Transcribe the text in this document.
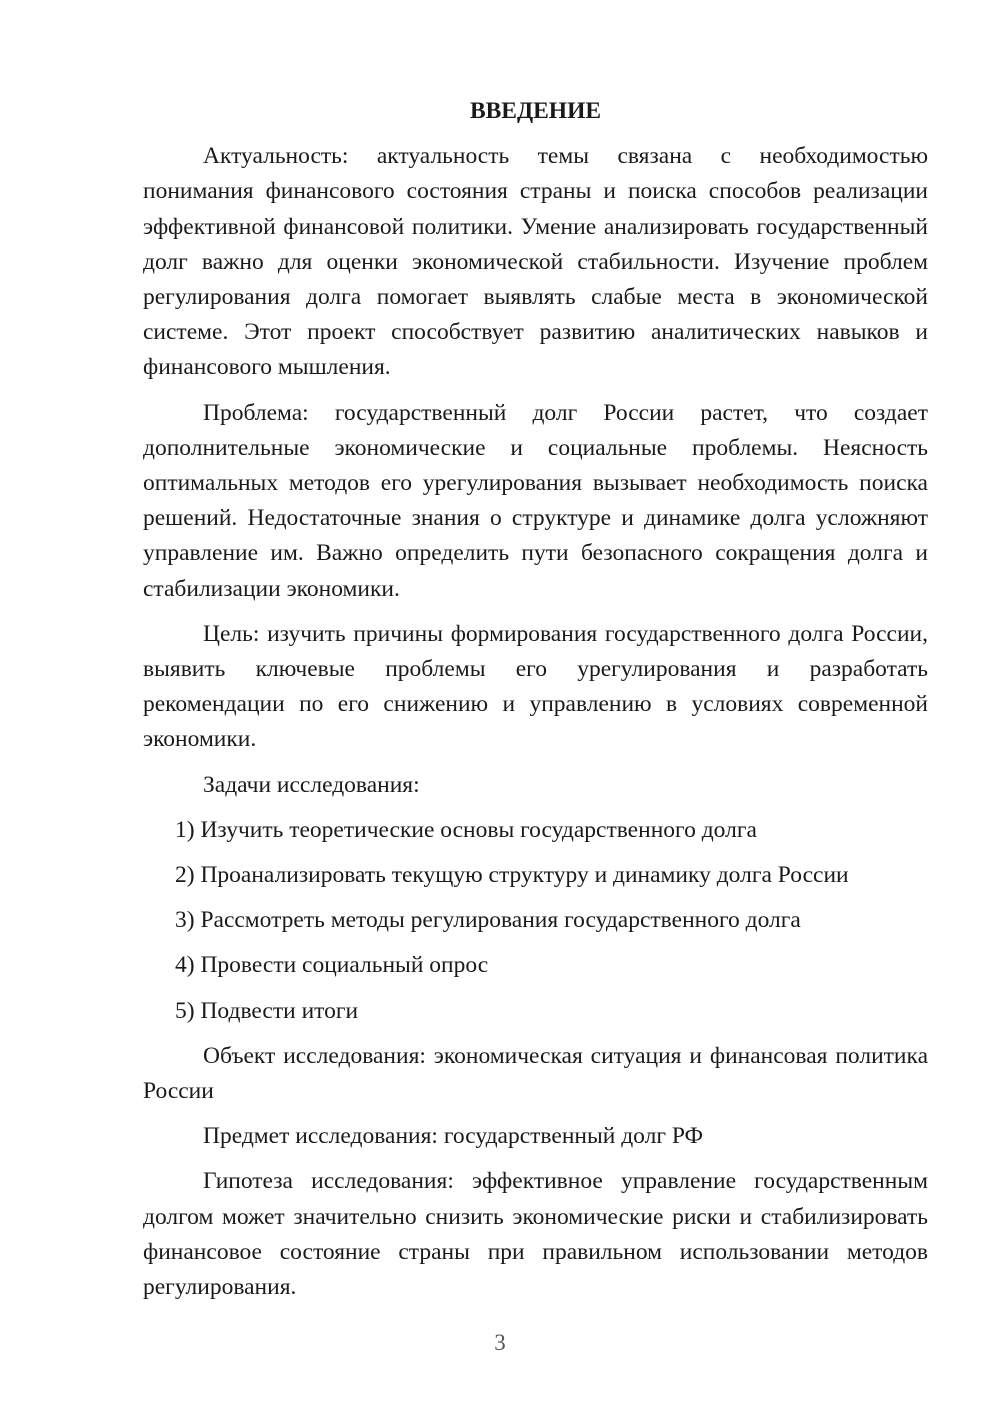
ВВЕДЕНИЕ

Актуальность: актуальность темы связана с необходимостью понимания финансового состояния страны и поиска способов реализации эффективной финансовой политики. Умение анализировать государственный долг важно для оценки экономической стабильности. Изучение проблем регулирования долга помогает выявлять слабые места в экономической системе. Этот проект способствует развитию аналитических навыков и финансового мышления.

Проблема: государственный долг России растет, что создает дополнительные экономические и социальные проблемы. Неясность оптимальных методов его урегулирования вызывает необходимость поиска решений. Недостаточные знания о структуре и динамике долга усложняют управление им. Важно определить пути безопасного сокращения долга и стабилизации экономики.

Цель: изучить причины формирования государственного долга России, выявить ключевые проблемы его урегулирования и разработать рекомендации по его снижению и управлению в условиях современной экономики.

Задачи исследования:

1) Изучить теоретические основы государственного долга
2) Проанализировать текущую структуру и динамику долга России
3) Рассмотреть методы регулирования государственного долга
4) Провести социальный опрос
5) Подвести итоги

Объект исследования: экономическая ситуация и финансовая политика России

Предмет исследования: государственный долг РФ

Гипотеза исследования: эффективное управление государственным долгом может значительно снизить экономические риски и стабилизировать финансовое состояние страны при правильном использовании методов регулирования.

3
